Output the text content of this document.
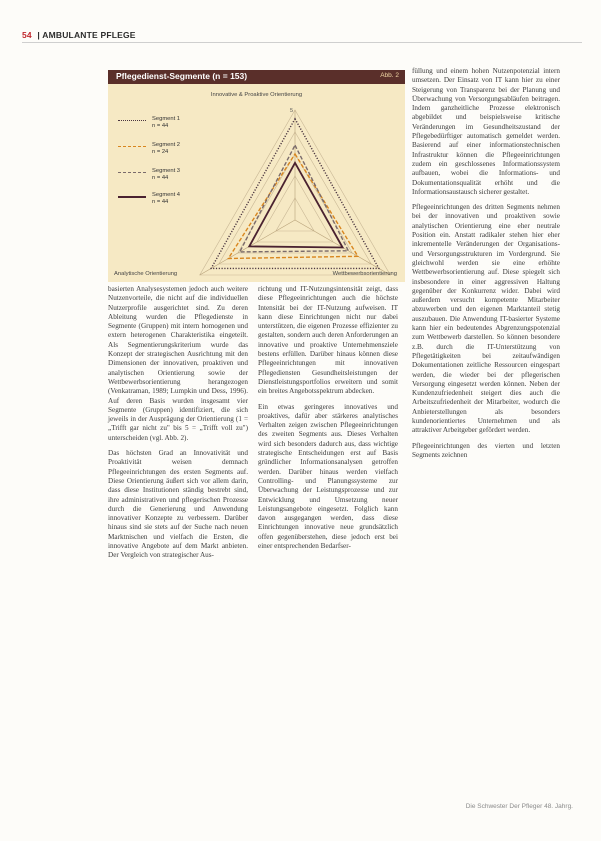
54 | AMBULANTE PFLEGE
5
Pflegedienst-Segmente (n = 153)	Abb. 2
Innovative & Proaktive Orientierung
Analytische Orientierung	Wettbewerbsorientierung
Segment 1
n = 44
Segment 2
n = 24
Segment 3
n = 44
Segment 4
n = 44

basierten Analysesystemen jedoch auch weitere Nutzenvorteile, die nicht auf die individuellen Nutzerprofile ausgerichtet sind. Zu deren Ableitung wurden die Pflegedienste in Segmente (Gruppen) mit intern homogenen und extern heterogenen Charakteristika eingeteilt. Als Segmentierungskriterium wurde das Konzept der strategischen Ausrichtung mit den Dimensionen der innovativen, proaktiven und analytischen Orientierung sowie der Wettbewerbsorientierung herangezogen (Venkatraman, 1989; Lumpkin und Dess, 1996). Auf deren Basis wurden insgesamt vier Segmente (Gruppen) identifiziert, die sich jeweils in der Ausprägung der Orientierung (1 = „Trifft gar nicht zu" bis 5 = „Trifft voll zu") unterscheiden (vgl. Abb. 2).

Das höchsten Grad an Innovativität und Proaktivität weisen demnach Pflegeeinrichtungen des ersten Segments auf. Diese Orientierung äußert sich vor allem darin, dass diese Institutionen ständig bestrebt sind, ihre administrativen und pflegerischen Prozesse durch die Generierung und Anwendung innovativer Konzepte zu verbessern. Darüber hinaus sind sie stets auf der Suche nach neuen Marktnischen und vielfach die Ersten, die innovative Angebote auf dem Markt anbieten. Der Vergleich von strategischer Aus-

richtung und IT-Nutzungsintensität zeigt, dass diese Pflegeeinrichtungen auch die höchste Intensität bei der IT-Nutzung aufweisen. IT kann diese Einrichtungen nicht nur dabei unterstützen, die eigenen Prozesse effizienter zu gestalten, sondern auch deren Anforderungen an innovative und proaktive Unternehmensziele bestens erfüllen. Darüber hinaus können diese Pflegeeinrichtungen mit innovativen Pflegediensten Gesundheitsleistungen der Dienstleistungsportfolios erweitern und somit ein breites Angebotsspektrum abdecken.

Ein etwas geringeres innovatives und proaktives, dafür aber stärkeres analytisches Verhalten zeigen zwischen Pflegeeinrichtungen des zweiten Segments aus. Dieses Verhalten wird sich besonders dadurch aus, dass wichtige strategische Entscheidungen erst auf Basis gründlicher Informationsanalysen getroffen werden. Darüber hinaus werden vielfach Controlling- und Planungssysteme zur Überwachung der Leistungsprozesse und zur Entwicklung und Umsetzung neuer Leistungsangebote eingesetzt. Folglich kann davon ausgegangen werden, dass diese Einrichtungen innovative neue grundsätzlich offen gegenüberstehen, diese jedoch erst bei einer entsprechenden Bedarfser-

füllung und einem hohen Nutzenpotenzial intern umsetzen. Der Einsatz von IT kann hier zu einer Steigerung von Transparenz bei der Planung und Überwachung von Versorgungsabläufen beitragen. Indem ganzheitliche Prozesse elektronisch abgebildet und beispielsweise kritische Veränderungen im Gesundheitszustand der Pflegebedürftiger automatisch gemeldet werden. Basierend auf einer informationstechnischen Infrastruktur können die Pflegeeinrichtungen zudem ein geschlossenes Informationssystem aufbauen, wobei die Informations- und Dokumentationsqualität erhöht und die Informationsaustausch sicherer gestaltet.

Pflegeeinrichtungen des dritten Segments nehmen bei der innovativen und proaktiven sowie analytischen Orientierung eine eher neutrale Position ein. Anstatt radikaler stehen hier eher inkrementelle Veränderungen der Organisations- und Versorgungsstrukturen im Vordergrund. Sie gleichwohl werden sie eine erhöhte Wettbewerbsorientierung auf. Diese spiegelt sich insbesondere in einer aggressiven Haltung gegenüber der Konkurrenz wider. Dabei wird außerdem versucht kompetente Mitarbeiter abzuwerben und den eigenen Marktanteil stetig auszubauen. Die Anwendung IT-basierter Systeme kann hier ein bedeutendes Abgrenzungspotenzial zum Wettbewerb darstellen. So können besondere z.B. durch die IT-Unterstützung von Pflegetätigkeiten bei zeitaufwändigen Dokumentationen zeitliche Ressourcen eingespart werden, die wieder bei der pflegerischen Versorgung eingesetzt werden können. Neben der Kundenzufriedenheit steigert dies auch die Arbeitszufriedenheit der Mitarbeiter, wodurch die Anbieterstellungen als besonders kundenorientiertes Unternehmen und als attraktiver Arbeitgeber gefördert werden.

Pflegeeinrichtungen des vierten und letzten Segments zeichnen

Die Schwester Der Pfleger 48. Jahrg.
